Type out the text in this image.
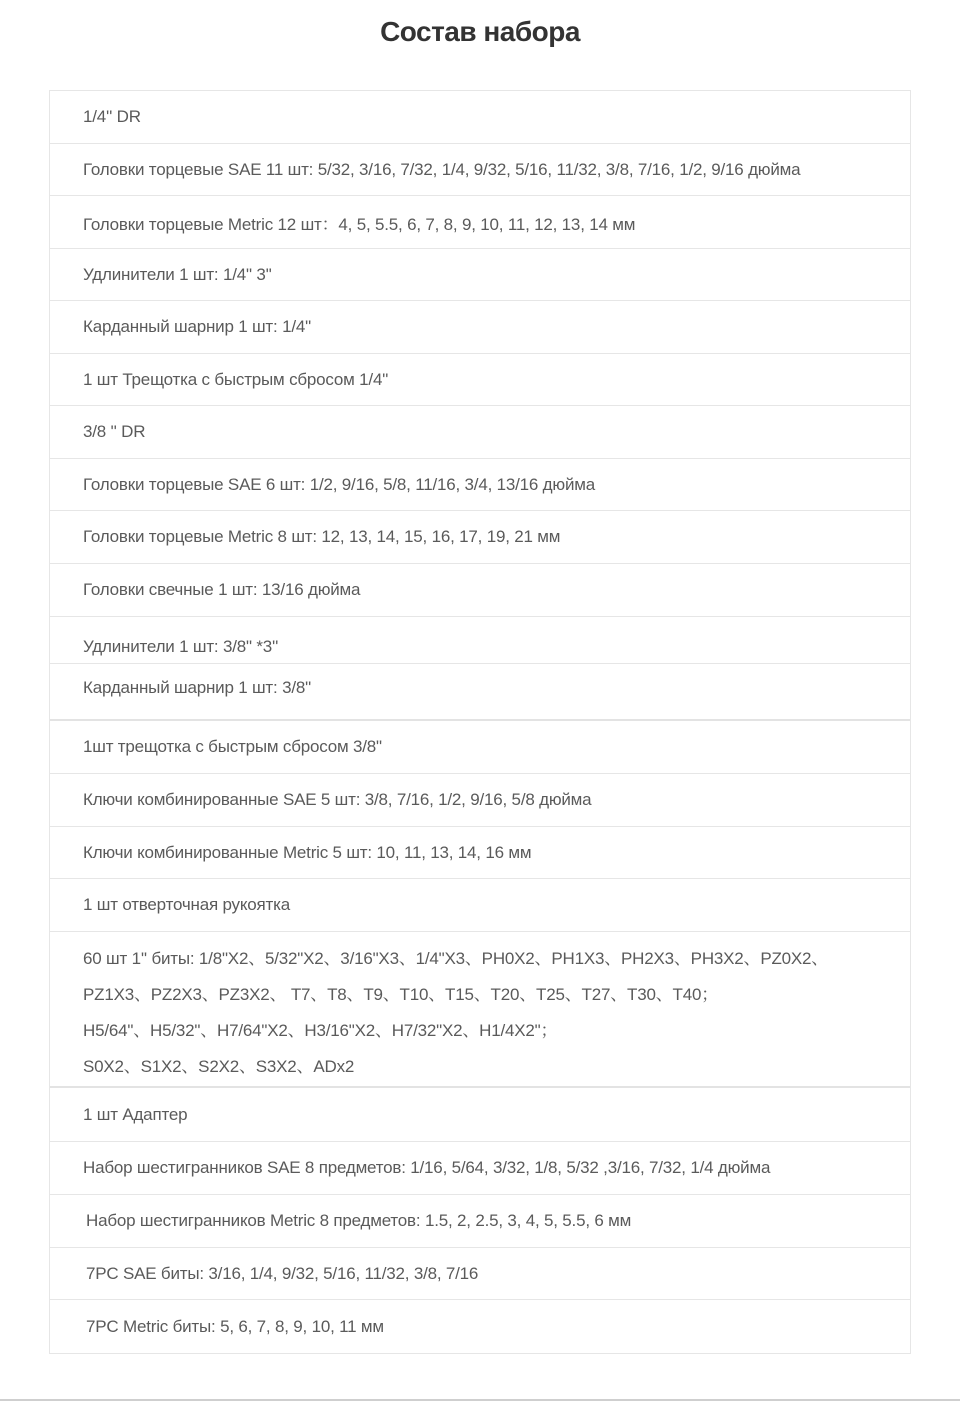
Состав набора
1/4'' DR
Головки торцевые SAE 11 шт: 5/32, 3/16, 7/32, 1/4, 9/32, 5/16, 11/32, 3/8, 7/16, 1/2, 9/16 дюйма
Головки торцевые Metric 12 шт：4, 5, 5.5, 6, 7, 8, 9, 10, 11, 12, 13, 14 мм
Удлинители 1 шт: 1/4" 3''
Карданный шарнир 1 шт: 1/4"
1 шт Трещотка с быстрым сбросом 1/4"
3/8 '' DR
Головки торцевые SAE 6 шт: 1/2, 9/16, 5/8, 11/16, 3/4, 13/16 дюйма
Головки торцевые Metric 8 шт: 12, 13, 14, 15, 16, 17, 19, 21 мм
Головки свечные 1 шт: 13/16 дюйма
Удлинители 1 шт: 3/8" *3''
Карданный шарнир 1 шт: 3/8"
1шт трещотка с быстрым сбросом 3/8"
Ключи комбинированные SAE 5 шт: 3/8, 7/16, 1/2, 9/16, 5/8 дюйма
Ключи комбинированные Metric 5 шт: 10, 11, 13, 14, 16 мм
1 шт отверточная рукоятка
60 шт 1'' биты: 1/8"X2、5/32"X2、3/16"X3、1/4"X3、PH0X2、PH1X3、PH2X3、PH3X2、PZ0X2、
PZ1X3、PZ2X3、PZ3X2、 T7、T8、T9、T10、T15、T20、T25、T27、T30、T40；
H5/64"、H5/32"、H7/64"X2、H3/16"X2、H7/32"X2、H1/4X2"；
S0X2、S1X2、S2X2、S3X2、ADx2
1 шт Адаптер
Набор шестигранников SAE 8 предметов: 1/16, 5/64, 3/32, 1/8, 5/32 ,3/16, 7/32, 1/4 дюйма
Набор шестигранников Metric 8 предметов: 1.5, 2, 2.5, 3, 4, 5, 5.5, 6 мм
7PC SAE биты: 3/16, 1/4, 9/32, 5/16, 11/32, 3/8, 7/16
7PC Metric биты: 5, 6, 7, 8, 9, 10, 11 мм
